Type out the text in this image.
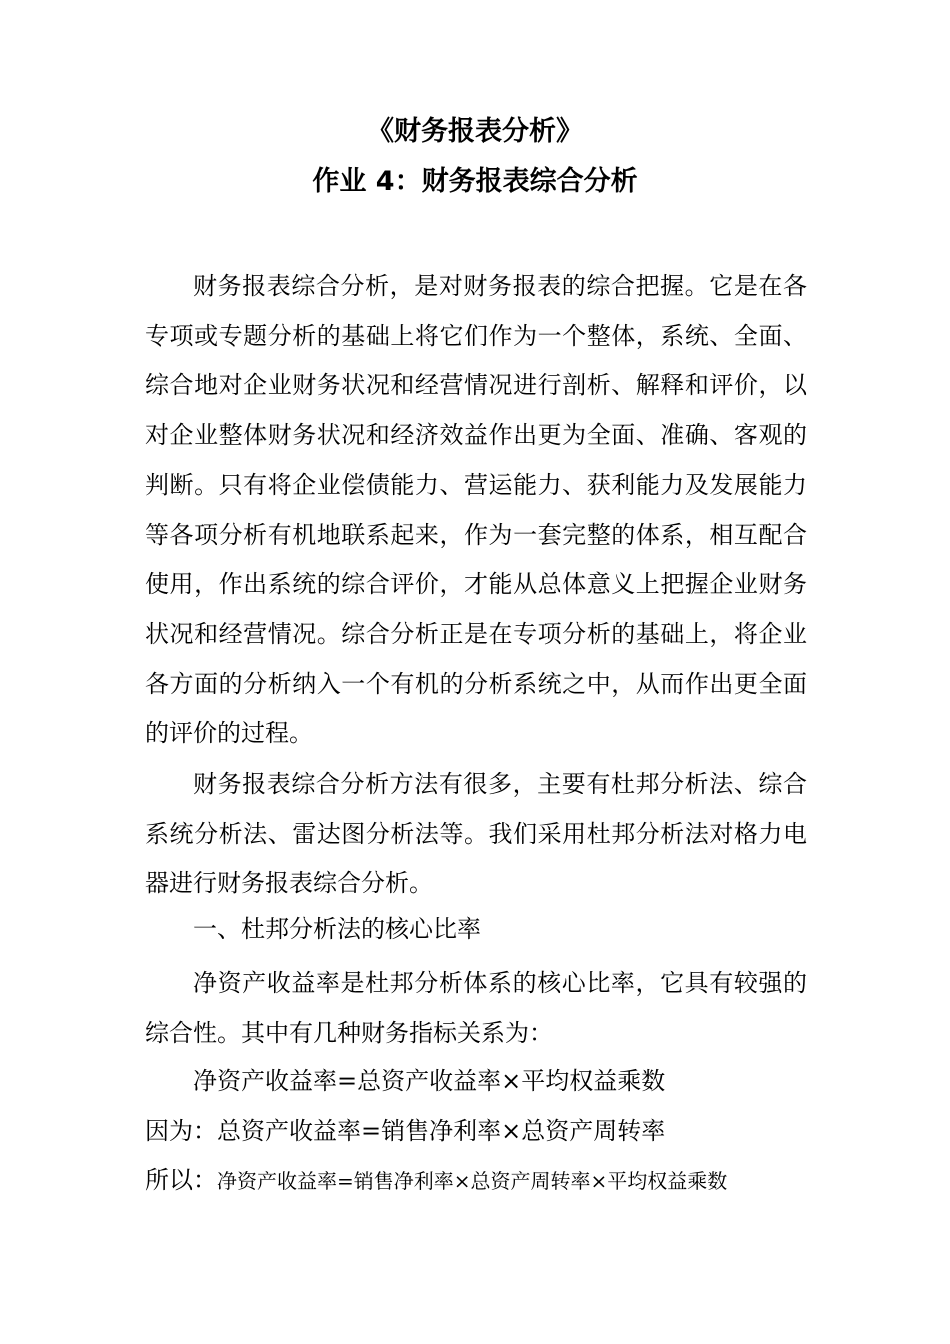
《财务报表分析》
作业 4：财务报表综合分析

财务报表综合分析，是对财务报表的综合把握。它是在各专项或专题分析的基础上将它们作为一个整体，系统、全面、综合地对企业财务状况和经营情况进行剖析、解释和评价，以对企业整体财务状况和经济效益作出更为全面、准确、客观的判断。只有将企业偿债能力、营运能力、获利能力及发展能力等各项分析有机地联系起来，作为一套完整的体系，相互配合使用，作出系统的综合评价，才能从总体意义上把握企业财务状况和经营情况。综合分析正是在专项分析的基础上，将企业各方面的分析纳入一个有机的分析系统之中，从而作出更全面的评价的过程。

财务报表综合分析方法有很多，主要有杜邦分析法、综合系统分析法、雷达图分析法等。我们采用杜邦分析法对格力电器进行财务报表综合分析。

一、杜邦分析法的核心比率

净资产收益率是杜邦分析体系的核心比率，它具有较强的综合性。其中有几种财务指标关系为：

净资产收益率=总资产收益率×平均权益乘数

因为：总资产收益率=销售净利率×总资产周转率

所以：净资产收益率=销售净利率×总资产周转率×平均权益乘数
